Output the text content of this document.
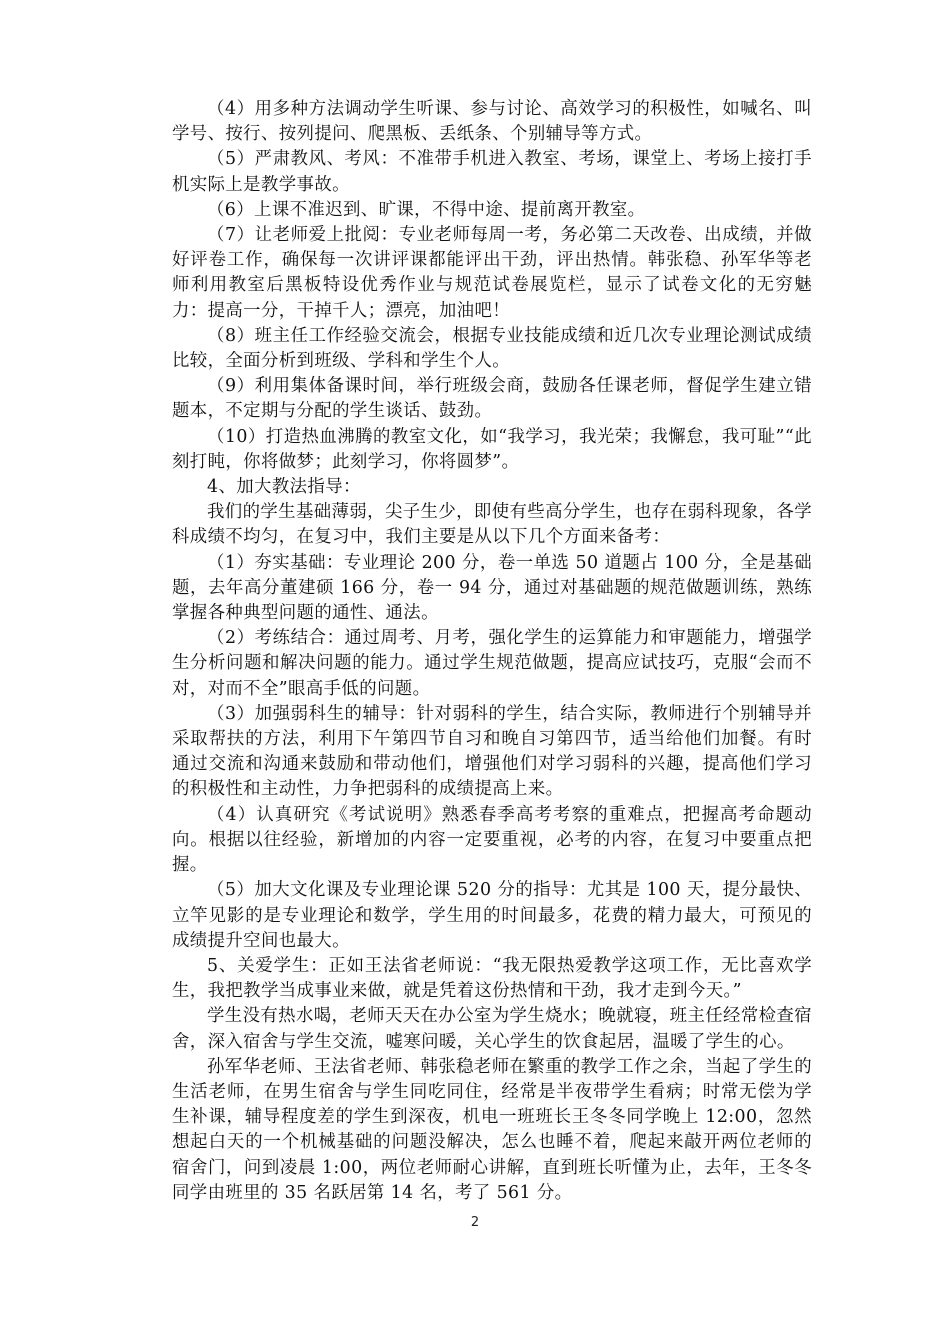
（4）用多种方法调动学生听课、参与讨论、高效学习的积极性，如喊名、叫学号、按行、按列提问、爬黑板、丢纸条、个别辅导等方式。

（5）严肃教风、考风：不准带手机进入教室、考场，课堂上、考场上接打手机实际上是教学事故。

（6）上课不准迟到、旷课，不得中途、提前离开教室。

（7）让老师爱上批阅：专业老师每周一考，务必第二天改卷、出成绩，并做好评卷工作，确保每一次讲评课都能评出干劲，评出热情。韩张稳、孙军华等老师利用教室后黑板特设优秀作业与规范试卷展览栏，显示了试卷文化的无穷魅力：提高一分，干掉千人；漂亮，加油吧！

（8）班主任工作经验交流会，根据专业技能成绩和近几次专业理论测试成绩比较，全面分析到班级、学科和学生个人。

（9）利用集体备课时间，举行班级会商，鼓励各任课老师，督促学生建立错题本，不定期与分配的学生谈话、鼓劲。

（10）打造热血沸腾的教室文化，如“我学习，我光荣；我懈怠，我可耻”“此刻打盹，你将做梦；此刻学习，你将圆梦”。

4、加大教法指导：

我们的学生基础薄弱，尖子生少，即使有些高分学生，也存在弱科现象，各学科成绩不均匀，在复习中，我们主要是从以下几个方面来备考：

（1）夯实基础：专业理论 200 分，卷一单选 50 道题占 100 分，全是基础题，去年高分董建硕 166 分，卷一 94 分，通过对基础题的规范做题训练，熟练掌握各种典型问题的通性、通法。

（2）考练结合：通过周考、月考，强化学生的运算能力和审题能力，增强学生分析问题和解决问题的能力。通过学生规范做题，提高应试技巧，克服“会而不对，对而不全”眼高手低的问题。

（3）加强弱科生的辅导：针对弱科的学生，结合实际，教师进行个别辅导并采取帮扶的方法，利用下午第四节自习和晚自习第四节，适当给他们加餐。有时通过交流和沟通来鼓励和带动他们，增强他们对学习弱科的兴趣，提高他们学习的积极性和主动性，力争把弱科的成绩提高上来。

（4）认真研究《考试说明》熟悉春季高考考察的重难点，把握高考命题动向。根据以往经验，新增加的内容一定要重视，必考的内容，在复习中要重点把握。

（5）加大文化课及专业理论课 520 分的指导：尤其是 100 天，提分最快、立竿见影的是专业理论和数学，学生用的时间最多，花费的精力最大，可预见的成绩提升空间也最大。

5、关爱学生：正如王法省老师说：“我无限热爱教学这项工作，无比喜欢学生，我把教学当成事业来做，就是凭着这份热情和干劲，我才走到今天。”

学生没有热水喝，老师天天在办公室为学生烧水；晚就寝，班主任经常检查宿舍，深入宿舍与学生交流，嘘寒问暖，关心学生的饮食起居，温暖了学生的心。

孙军华老师、王法省老师、韩张稳老师在繁重的教学工作之余，当起了学生的生活老师，在男生宿舍与学生同吃同住，经常是半夜带学生看病；时常无偿为学生补课，辅导程度差的学生到深夜，机电一班班长王冬冬同学晚上 12:00，忽然想起白天的一个机械基础的问题没解决，怎么也睡不着，爬起来敲开两位老师的宿舍门，问到凌晨 1:00，两位老师耐心讲解，直到班长听懂为止，去年，王冬冬同学由班里的 35 名跃居第 14 名，考了 561 分。

2
